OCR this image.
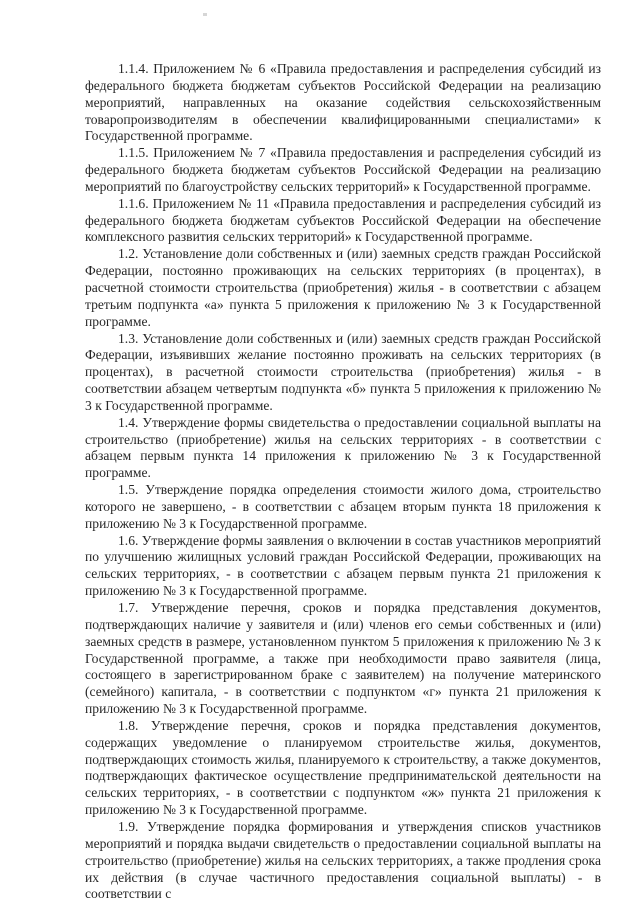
1.1.4. Приложением № 6 «Правила предоставления и распределения субсидий из федерального бюджета бюджетам субъектов Российской Федерации на реализацию мероприятий, направленных на оказание содействия сельскохозяйственным товаропроизводителям в обеспечении квалифицированными специалистами» к Государственной программе.

1.1.5. Приложением № 7 «Правила предоставления и распределения субсидий из федерального бюджета бюджетам субъектов Российской Федерации на реализацию мероприятий по благоустройству сельских территорий» к Государственной программе.

1.1.6. Приложением № 11 «Правила предоставления и распределения субсидий из федерального бюджета бюджетам субъектов Российской Федерации на обеспечение комплексного развития сельских территорий» к Государственной программе.

1.2. Установление доли собственных и (или) заемных средств граждан Российской Федерации, постоянно проживающих на сельских территориях (в процентах), в расчетной стоимости строительства (приобретения) жилья - в соответствии с абзацем третьим подпункта «а» пункта 5 приложения к приложению № 3 к Государственной программе.

1.3. Установление доли собственных и (или) заемных средств граждан Российской Федерации, изъявивших желание постоянно проживать на сельских территориях (в процентах), в расчетной стоимости строительства (приобретения) жилья - в соответствии абзацем четвертым подпункта «б» пункта 5 приложения к приложению № 3 к Государственной программе.

1.4. Утверждение формы свидетельства о предоставлении социальной выплаты на строительство (приобретение) жилья на сельских территориях - в соответствии с абзацем первым пункта 14 приложения к приложению № 3 к Государственной программе.

1.5. Утверждение порядка определения стоимости жилого дома, строительство которого не завершено, - в соответствии с абзацем вторым пункта 18 приложения к приложению № 3 к Государственной программе.

1.6. Утверждение формы заявления о включении в состав участников мероприятий по улучшению жилищных условий граждан Российской Федерации, проживающих на сельских территориях, - в соответствии с абзацем первым пункта 21 приложения к приложению № 3 к Государственной программе.

1.7. Утверждение перечня, сроков и порядка представления документов, подтверждающих наличие у заявителя и (или) членов его семьи собственных и (или) заемных средств в размере, установленном пунктом 5 приложения к приложению № 3 к Государственной программе, а также при необходимости право заявителя (лица, состоящего в зарегистрированном браке с заявителем) на получение материнского (семейного) капитала, - в соответствии с подпунктом «г» пункта 21 приложения к приложению № 3 к Государственной программе.

1.8. Утверждение перечня, сроков и порядка представления документов, содержащих уведомление о планируемом строительстве жилья, документов, подтверждающих стоимость жилья, планируемого к строительству, а также документов, подтверждающих фактическое осуществление предпринимательской деятельности на сельских территориях, - в соответствии с подпунктом «ж» пункта 21 приложения к приложению № 3 к Государственной программе.

1.9. Утверждение порядка формирования и утверждения списков участников мероприятий и порядка выдачи свидетельств о предоставлении социальной выплаты на строительство (приобретение) жилья на сельских территориях, а также продления срока их действия (в случае частичного предоставления социальной выплаты) - в соответствии с
